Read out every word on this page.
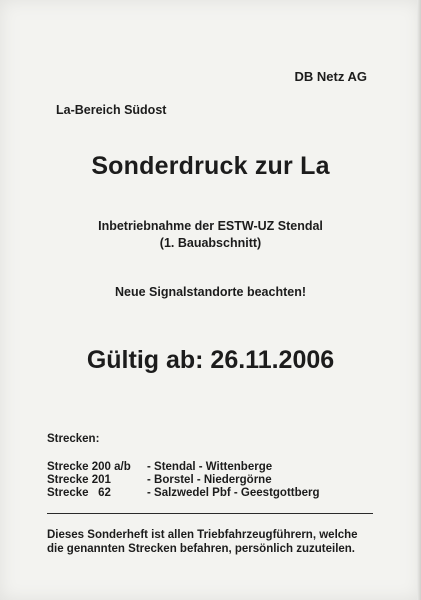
DB Netz AG
La-Bereich Südost
Sonderdruck zur La
Inbetriebnahme der ESTW-UZ Stendal
(1. Bauabschnitt)
Neue Signalstandorte beachten!
Gültig ab: 26.11.2006
Strecken:
Strecke 200 a/b	- Stendal - Wittenberge
Strecke 201	- Borstel - Niedergörne
Strecke   62	- Salzwedel Pbf - Geestgottberg
Dieses Sonderheft ist allen Triebfahrzeugführern, welche
die genannten Strecken befahren, persönlich zuzuteilen.
